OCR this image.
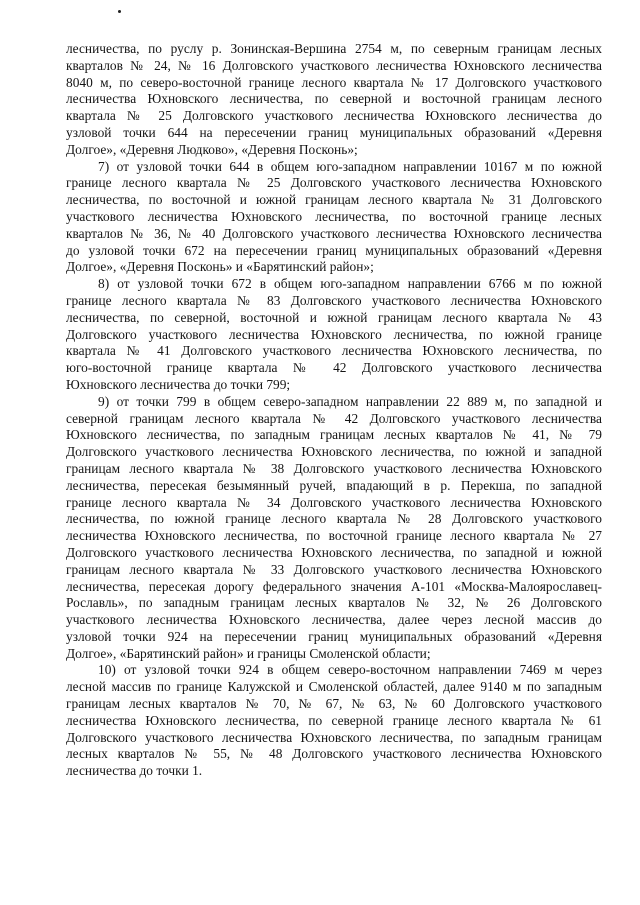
лесничества, по руслу р. Зонинская-Вершина 2754 м, по северным границам лесных
кварталов № 24, № 16 Долговского участкового лесничества Юхновского лесничества
8040 м, по северо-восточной границе лесного квартала № 17 Долговского участкового
лесничества Юхновского лесничества, по северной и восточной границам лесного
квартала № 25 Долговского участкового лесничества Юхновского лесничества до
узловой точки 644 на пересечении границ муниципальных образований «Деревня
Долгое», «Деревня Людково», «Деревня Посконь»;
7) от узловой точки 644 в общем юго-западном направлении 10167 м по южной
границе лесного квартала № 25 Долговского участкового лесничества Юхновского
лесничества, по восточной и южной границам лесного квартала № 31 Долговского
участкового лесничества Юхновского лесничества, по восточной границе лесных
кварталов № 36, № 40 Долговского участкового лесничества Юхновского лесничества
до узловой точки 672 на пересечении границ муниципальных образований «Деревня
Долгое», «Деревня Посконь» и «Барятинский район»;
8) от узловой точки 672 в общем юго-западном направлении 6766 м по южной
границе лесного квартала № 83 Долговского участкового лесничества Юхновского
лесничества, по северной, восточной и южной границам лесного квартала № 43
Долговского участкового лесничества Юхновского лесничества, по южной границе
квартала № 41 Долговского участкового лесничества Юхновского лесничества, по
юго-восточной границе квартала № 42 Долговского участкового лесничества
Юхновского лесничества до точки 799;
9) от точки 799 в общем северо-западном направлении 22 889 м, по западной и
северной границам лесного квартала № 42 Долговского участкового лесничества
Юхновского лесничества, по западным границам лесных кварталов № 41, № 79
Долговского участкового лесничества Юхновского лесничества, по южной и западной
границам лесного квартала № 38 Долговского участкового лесничества Юхновского
лесничества, пересекая безымянный ручей, впадающий в р. Перекша, по западной
границе лесного квартала № 34 Долговского участкового лесничества Юхновского
лесничества, по южной границе лесного квартала № 28 Долговского участкового
лесничества Юхновского лесничества, по восточной границе лесного квартала № 27
Долговского участкового лесничества Юхновского лесничества, по западной и южной
границам лесного квартала № 33 Долговского участкового лесничества Юхновского
лесничества, пересекая дорогу федерального значения А-101 «Москва-Малоярославец-
Рославль», по западным границам лесных кварталов № 32, № 26 Долговского
участкового лесничества Юхновского лесничества, далее через лесной массив до
узловой точки 924 на пересечении границ муниципальных образований «Деревня
Долгое», «Барятинский район» и границы Смоленской области;
10) от узловой точки 924 в общем северо-восточном направлении 7469 м через
лесной массив по границе Калужской и Смоленской областей, далее 9140 м по западным
границам лесных кварталов № 70, № 67, № 63, № 60 Долговского участкового
лесничества Юхновского лесничества, по северной границе лесного квартала № 61
Долговского участкового лесничества Юхновского лесничества, по западным границам
лесных кварталов № 55, № 48 Долговского участкового лесничества Юхновского
лесничества до точки 1.
